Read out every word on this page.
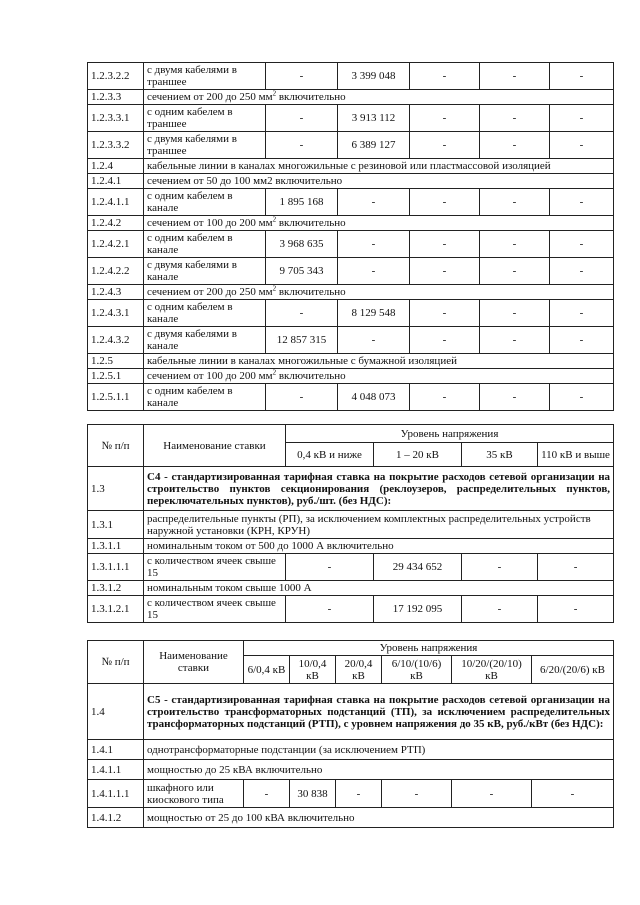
1.2.3.2.2	с двумя кабелями в траншее	-	3 399 048	-	-	-
1.2.3.3	сечением от 200 до 250 $мм^2$ включительно					
1.2.3.3.1	с одним кабелем в траншее	-	3 913 112	-	-	-
1.2.3.3.2	с двумя кабелями в траншее	-	6 389 127	-	-	-
1.2.4	кабельные линии в каналах многожильные с резиновой или пластмассовой изоляцией					
1.2.4.1	сечением от 50 до 100 мм2 включительно					
1.2.4.1.1	с одним кабелем в канале	1 895 168	-	-	-	-
1.2.4.2	сечением от 100 до 200 $мм^2$ включительно					
1.2.4.2.1	с одним кабелем в канале	3 968 635	-	-	-	-
1.2.4.2.2	с двумя кабелями в канале	9 705 343	-	-	-	-
1.2.4.3	сечением от 200 до 250 $мм^2$ включительно					
1.2.4.3.1	с одним кабелем в канале	-	8 129 548	-	-	-
1.2.4.3.2	с двумя кабелями в канале	12 857 315	-	-	-	-
1.2.5	кабельные линии в каналах многожильные с бумажной изоляцией					
1.2.5.1	сечением от 100 до 200 $мм^2$ включительно					
1.2.5.1.1	с одним кабелем в канале	-	4 048 073	-	-	-
№ п/п	Наименование ставки	Уровень напряжения			
		0,4 кВ и ниже	1 – 20 кВ	35 кВ	110 кВ и выше
1.3	С4 - стандартизированная тарифная ставка на покрытие расходов сетевой организации на строительство пунктов секционирования (реклоузеров, распределительных пунктов, переключательных пунктов), руб./шт. (без НДС):				
1.3.1	распределительные пункты (РП), за исключением комплектных распределительных устройств наружной установки (КРН, КРУН)				
1.3.1.1	номинальным током от 500 до 1000 А включительно				
1.3.1.1.1	с количеством ячеек свыше 15	-	29 434 652	-	-
1.3.1.2	номинальным током свыше 1000 А				
1.3.1.2.1	с количеством ячеек свыше 15	-	17 192 095	-	-
№ п/п	Наименование ставки	Уровень напряжения					
		6/0,4 кВ	10/0,4 кВ	20/0,4 кВ	6/10/(10/6) кВ	10/20/(20/10) кВ	6/20/(20/6) кВ
1.4	С5 - стандартизированная тарифная ставка на покрытие расходов сетевой организации на строительство трансформаторных подстанций (ТП), за исключением распределительных трансформаторных подстанций (РТП), с уровнем напряжения до 35 кВ, руб./кВт (без НДС):						
1.4.1	однотрансформаторные подстанции (за исключением РТП)						
1.4.1.1	мощностью до 25 кВА включительно						
1.4.1.1.1	шкафного или киоскового типа	-	30 838	-	-	-	-
1.4.1.2	мощностью от 25 до 100 кВА включительно						
